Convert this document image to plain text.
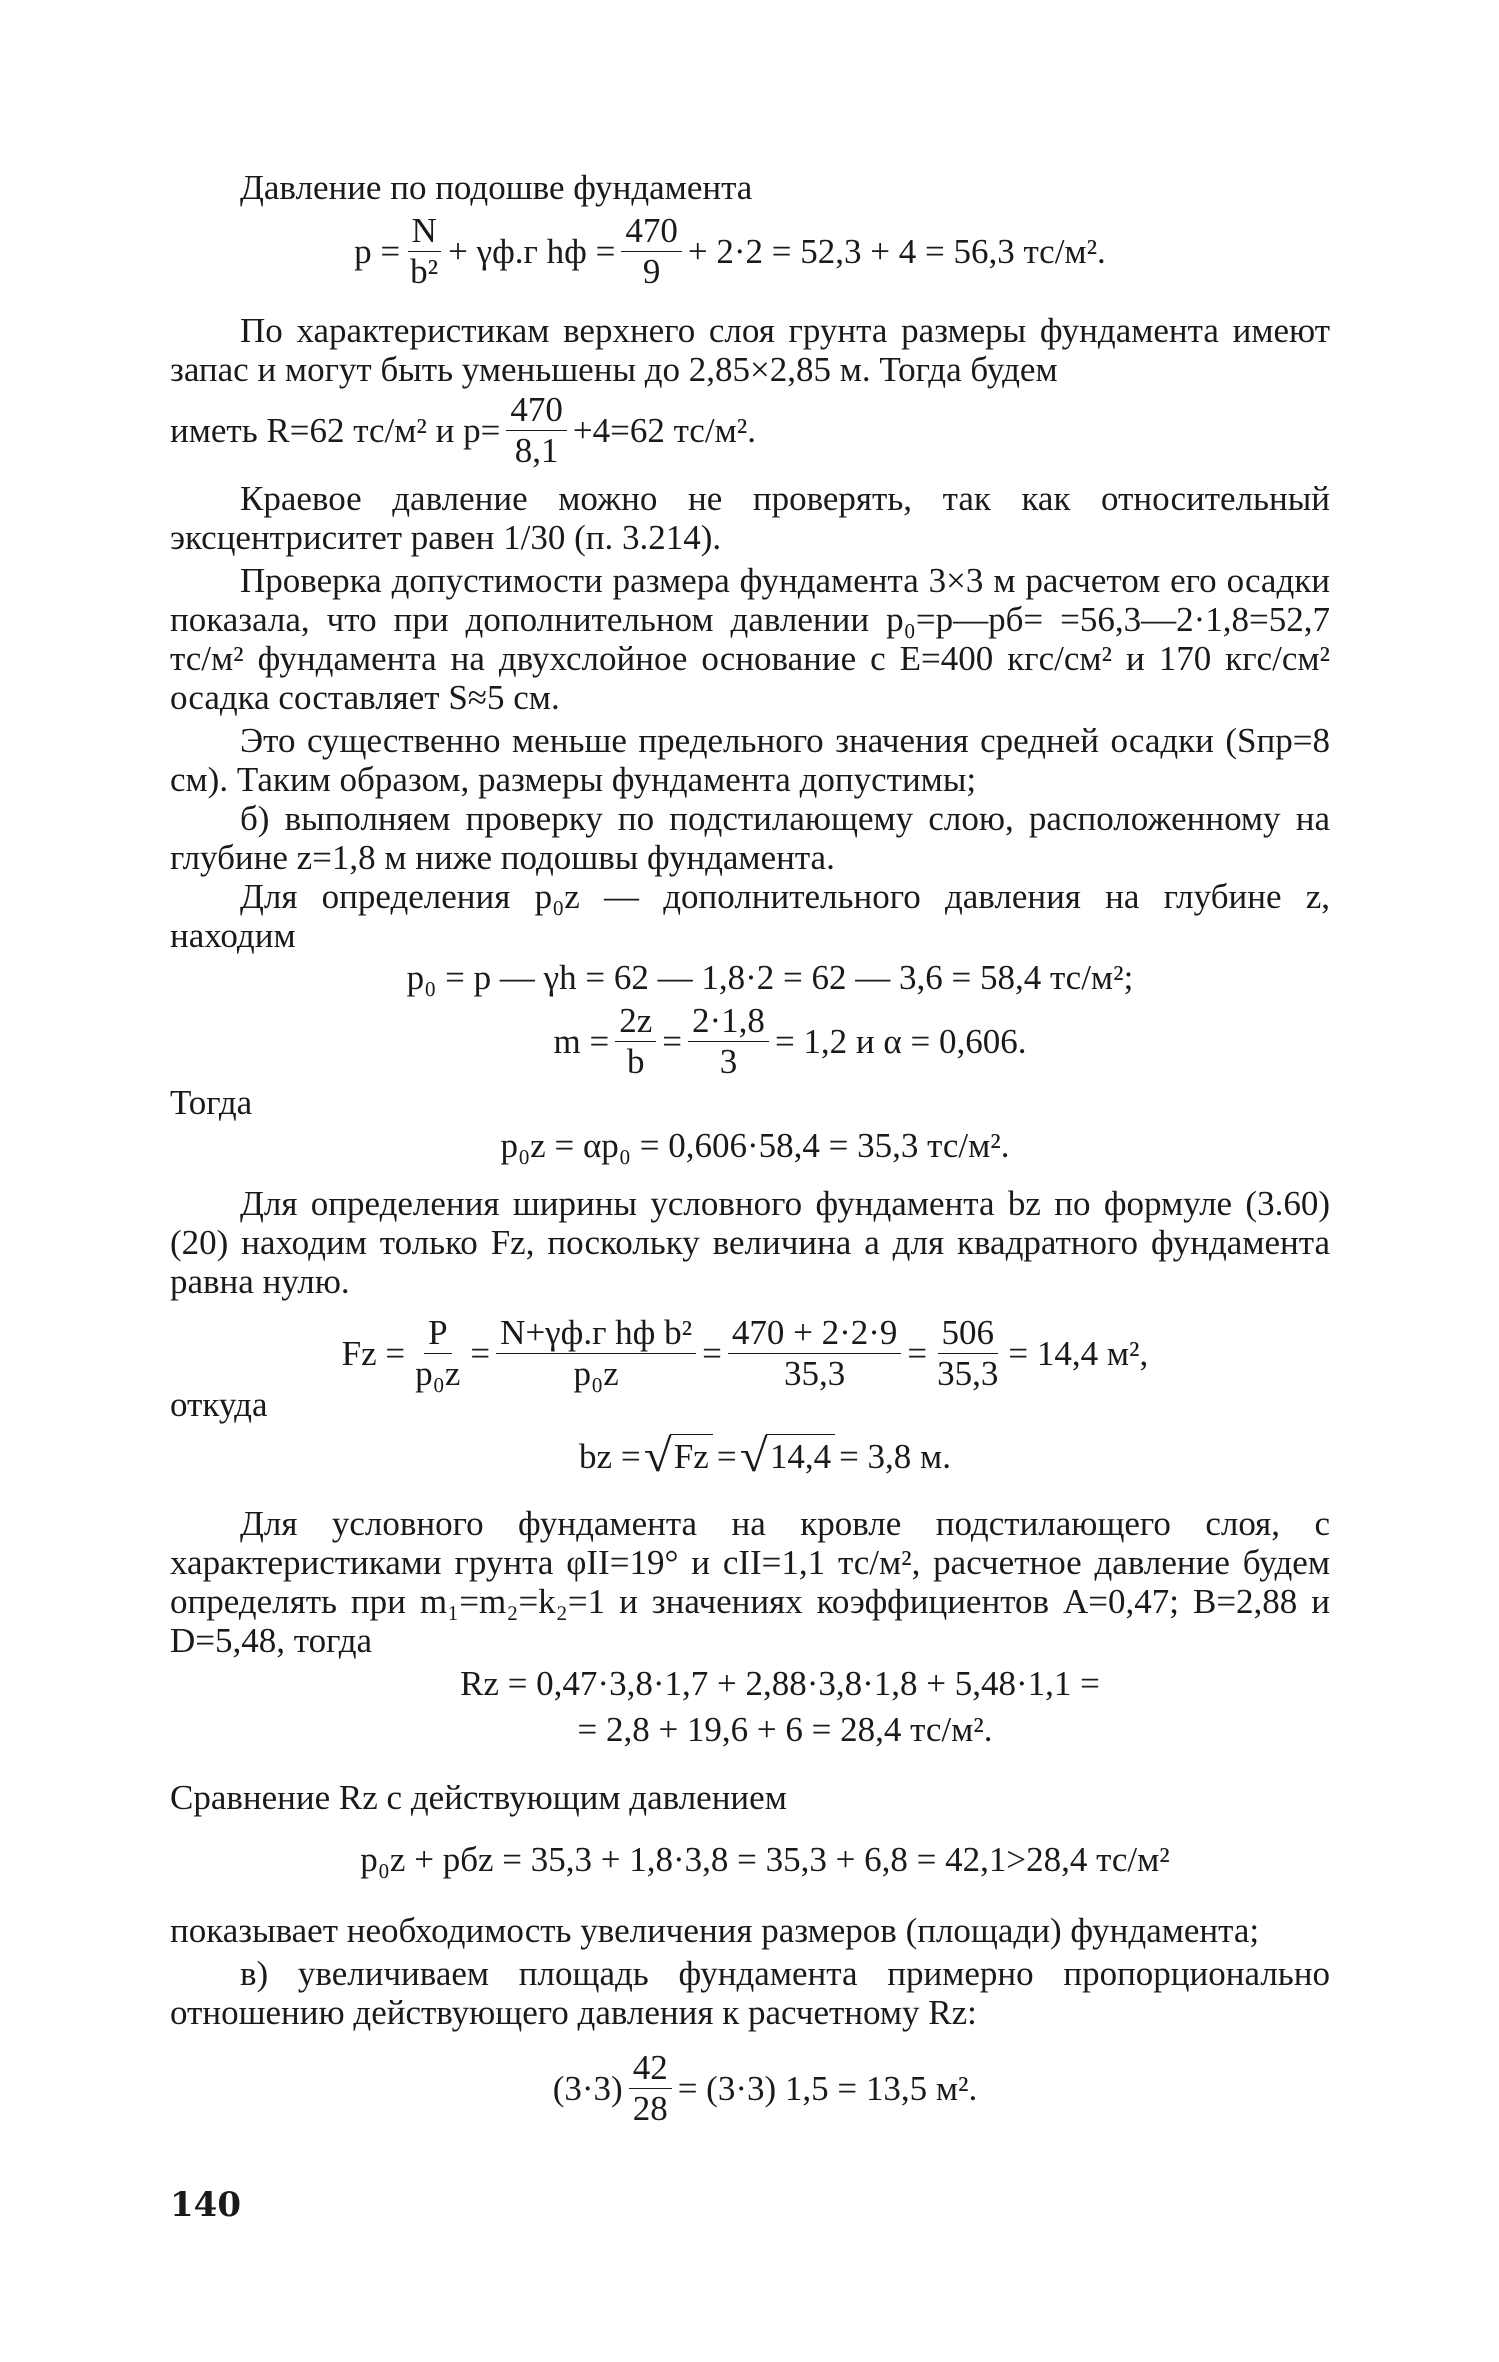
Давление по подошве фундамента

$p = \frac{N}{\text{b²}} + \gamma ф.г$ hф = $\frac{470}{9} + 2\cdot 2 = 52,3 + 4 = 56,3$ тс/м².

По характеристикам верхнего слоя грунта размеры фундамента имеют запас и могут быть уменьшены до 2,85×2,85 м. Тогда будем

иметь R=62 тс/м² и $p= \frac{470}{8,1} +4=62$ тс/м².

Краевое давление можно не проверять, так как относительный эксцентриситет равен 1/30 (п. 3.214).

Проверка допустимости размера фундамента 3×3 м расчетом его осадки показала, что при дополнительном давлении p₀=p—pб= =56,3—2·1,8=52,7 тс/м² фундамента на двухслойное основание с E=400 кгс/см² и 170 кгс/см² осадка составляет S≈5 см.

Это существенно меньше предельного значения средней осадки (Sпр=8 см). Таким образом, размеры фундамента допустимы;

б) выполняем проверку по подстилающему слою, расположенному на глубине z=1,8 м ниже подошвы фундамента.

Для определения p₀z — дополнительного давления на глубине z, находим

p₀ = p — γh = 62 — 1,8·2 = 62 — 3,6 = 58,4 тс/м²;
$m = \frac{2z}{b} = \frac{2\cdot 1,8}{3} = 1,2$ и α = 0,606.

Тогда

p₀z = αp₀ = 0,606·58,4 = 35,3 тс/м².

Для определения ширины условного фундамента bz по формуле (3.60) (20) находим только Fz, поскольку величина a для квадратного фундамента равна нулю.

$Fz = \frac{P}{\text{p₀z}} = \frac{\text{N+γф.г hф b²}}{\text{p₀z}} = \frac{470 + 2\cdot 2\cdot 9}{35,3} = \frac{506}{35,3} = 14,4$ м²,

откуда

bz = √ Fz = √ 14,4 = 3,8 м.

Для условного фундамента на кровле подстилающего слоя, с характеристиками грунта φII=19° и cII=1,1 тс/м², расчетное давление будем определять при m₁=m₂=k₂=1 и значениях коэффициентов A=0,47; B=2,88 и D=5,48, тогда

Rz = 0,47·3,8·1,7 + 2,88·3,8·1,8 + 5,48·1,1 =
= 2,8 + 19,6 + 6 = 28,4 тс/м².

Сравнение Rz с действующим давлением

p₀z + pбz = 35,3 + 1,8·3,8 = 35,3 + 6,8 = 42,1>28,4 тс/м²

показывает необходимость увеличения размеров (площади) фундамента;

в) увеличиваем площадь фундамента примерно пропорционально отношению действующего давления к расчетному Rz:

$(3\cdot 3) \frac{42}{28} = (3\cdot 3) 1,5 = 13,5$ м².
140
